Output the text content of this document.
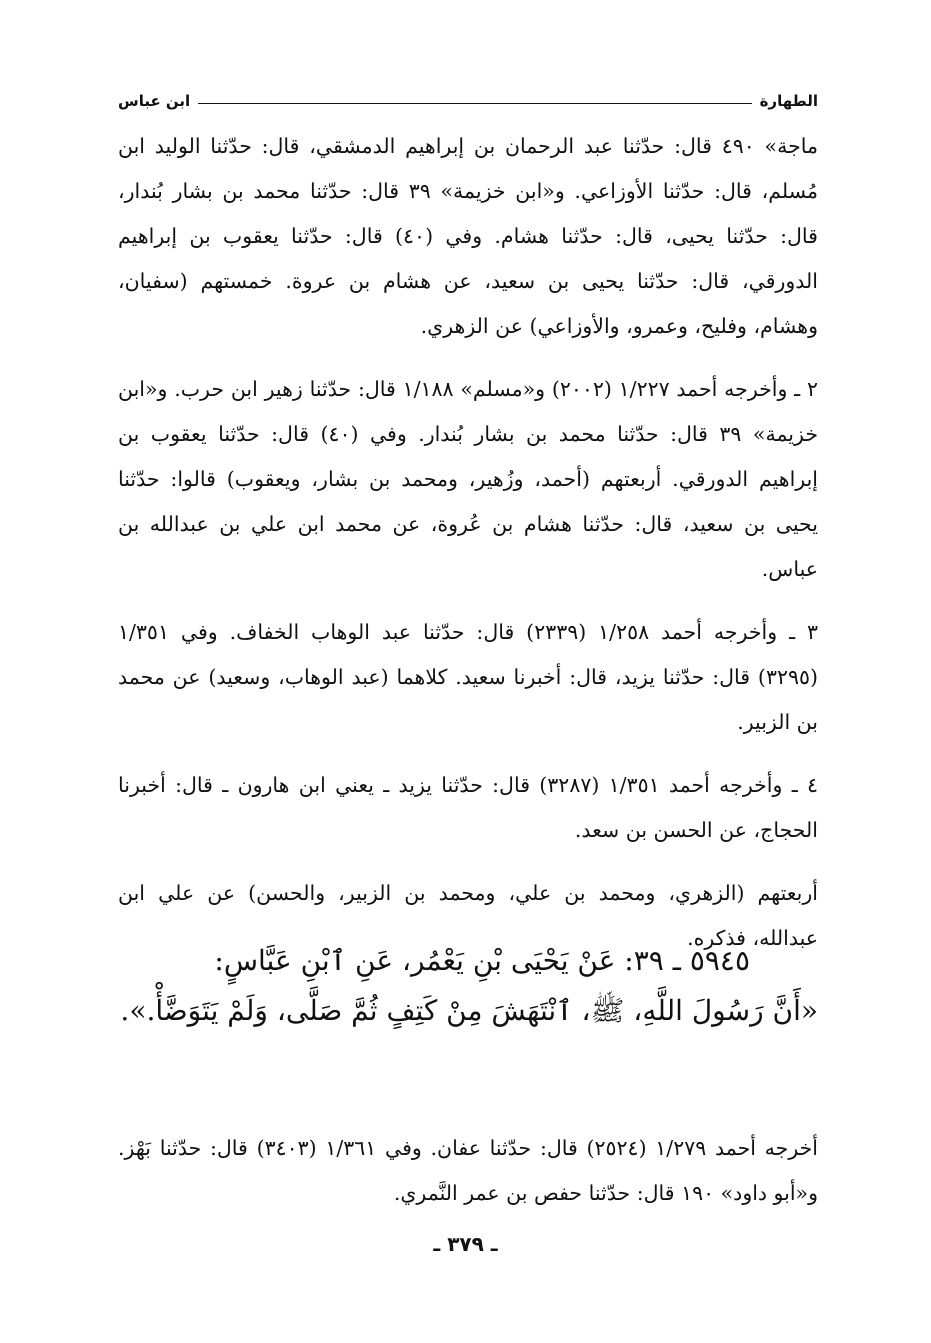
الطهارة
ابن عباس

ماجة» ٤٩٠ قال: حدّثنا عبد الرحمان بن إبراهيم الدمشقي، قال: حدّثنا الوليد ابن مُسلم، قال: حدّثنا الأوزاعي. و«ابن خزيمة» ٣٩ قال: حدّثنا محمد بن بشار بُندار، قال: حدّثنا يحيى، قال: حدّثنا هشام. وفي (٤٠) قال: حدّثنا يعقوب بن إبراهيم الدورقي، قال: حدّثنا يحيى بن سعيد، عن هشام بن عروة. خمستهم (سفيان، وهشام، وفليح، وعمرو، والأوزاعي) عن الزهري.

٢ ـ وأخرجه أحمد ١/٢٢٧ (٢٠٠٢) و«مسلم» ١/١٨٨ قال: حدّثنا زهير ابن حرب. و«ابن خزيمة» ٣٩ قال: حدّثنا محمد بن بشار بُندار. وفي (٤٠) قال: حدّثنا يعقوب بن إبراهيم الدورقي. أربعتهم (أحمد، وزُهير، ومحمد بن بشار، ويعقوب) قالوا: حدّثنا يحيى بن سعيد، قال: حدّثنا هشام بن عُروة، عن محمد ابن علي بن عبدالله بن عباس.

٣ ـ وأخرجه أحمد ١/٢٥٨ (٢٣٣٩) قال: حدّثنا عبد الوهاب الخفاف. وفي ١/٣٥١ (٣٢٩٥) قال: حدّثنا يزيد، قال: أخبرنا سعيد. كلاهما (عبد الوهاب، وسعيد) عن محمد بن الزبير.

٤ ـ وأخرجه أحمد ١/٣٥١ (٣٢٨٧) قال: حدّثنا يزيد ـ يعني ابن هارون ـ قال: أخبرنا الحجاج، عن الحسن بن سعد.

أربعتهم (الزهري، ومحمد بن علي، ومحمد بن الزبير، والحسن) عن علي ابن عبدالله، فذكره.

٥٩٤٥ ـ ٣٩: عَنْ يَحْيَى بْنِ يَعْمُر، عَنِ ٱبْنِ عَبَّاسٍ:

«أَنَّ رَسُولَ اللَّهِ، ﷺ، ٱنْتَهَشَ مِنْ كَتِفٍ ثُمَّ صَلَّى، وَلَمْ يَتَوَضَّأْ.».

أخرجه أحمد ١/٢٧٩ (٢٥٢٤) قال: حدّثنا عفان. وفي ١/٣٦١ (٣٤٠٣) قال: حدّثنا بَهْز. و«أبو داود» ١٩٠ قال: حدّثنا حفص بن عمر النَّمري.

ـ ٣٧٩ ـ
